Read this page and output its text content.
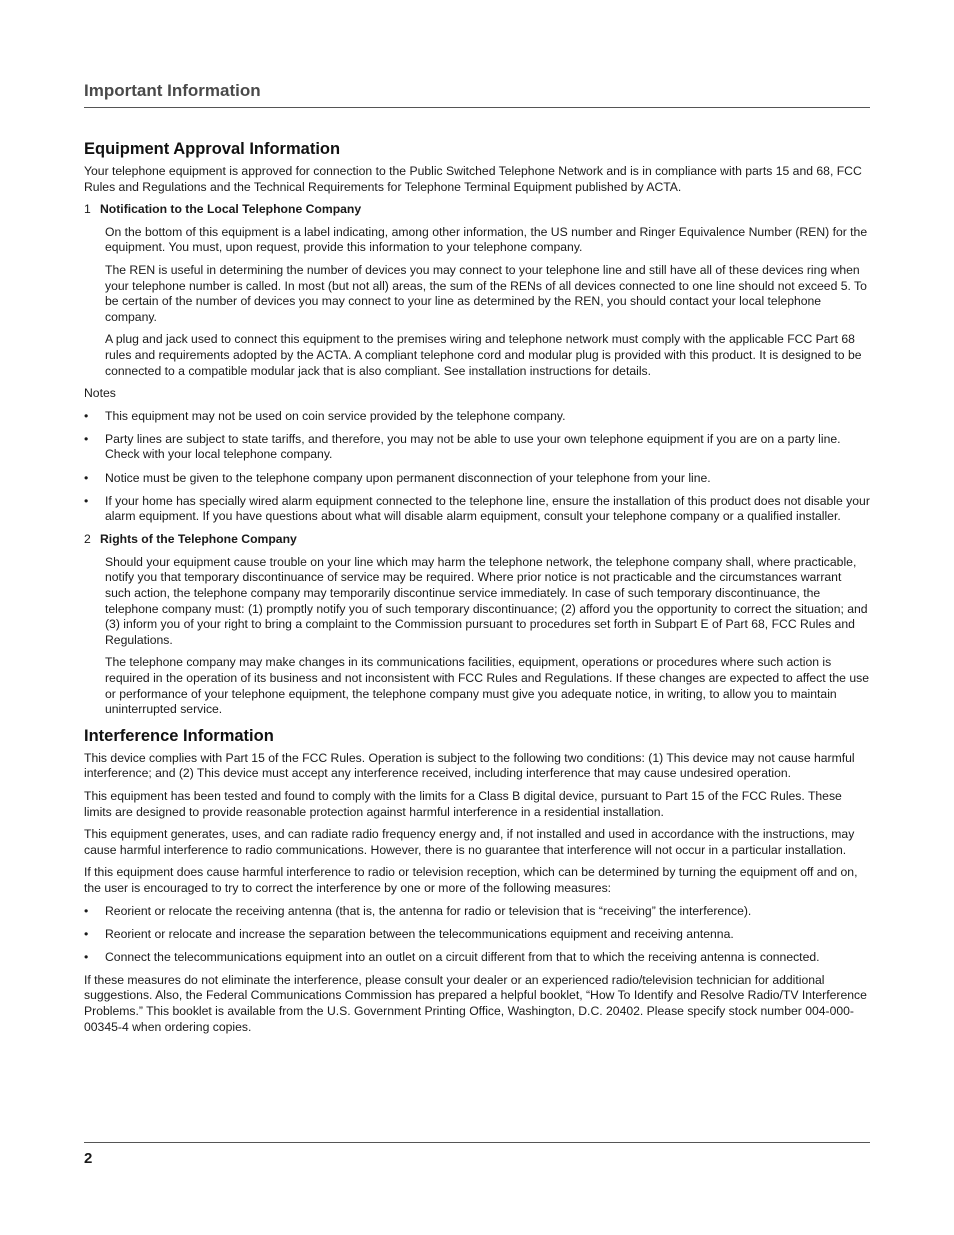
Important Information
Equipment Approval Information

Your telephone equipment is approved for connection to the Public Switched Telephone Network and is in compliance with parts 15 and 68, FCC Rules and Regulations and the Technical Requirements for Telephone Terminal Equipment published by ACTA.

1 Notification to the Local Telephone Company

On the bottom of this equipment is a label indicating, among other information, the US number and Ringer Equivalence Number (REN) for the equipment. You must, upon request, provide this information to your telephone company.

The REN is useful in determining the number of devices you may connect to your telephone line and still have all of these devices ring when your telephone number is called. In most (but not all) areas, the sum of the RENs of all devices connected to one line should not exceed 5. To be certain of the number of devices you may connect to your line as determined by the REN, you should contact your local telephone company.

A plug and jack used to connect this equipment to the premises wiring and telephone network must comply with the applicable FCC Part 68 rules and requirements adopted by the ACTA. A compliant telephone cord and modular plug is provided with this product. It is designed to be connected to a compatible modular jack that is also compliant. See installation instructions for details.

Notes

• This equipment may not be used on coin service provided by the telephone company.
• Party lines are subject to state tariffs, and therefore, you may not be able to use your own telephone equipment if you are on a party line. Check with your local telephone company.
• Notice must be given to the telephone company upon permanent disconnection of your telephone from your line.
• If your home has specially wired alarm equipment connected to the telephone line, ensure the installation of this product does not disable your alarm equipment. If you have questions about what will disable alarm equipment, consult your telephone company or a qualified installer.
2 Rights of the Telephone Company

Should your equipment cause trouble on your line which may harm the telephone network, the telephone company shall, where practicable, notify you that temporary discontinuance of service may be required. Where prior notice is not practicable and the circumstances warrant such action, the telephone company may temporarily discontinue service immediately. In case of such temporary discontinuance, the telephone company must: (1) promptly notify you of such temporary discontinuance; (2) afford you the opportunity to correct the situation; and (3) inform you of your right to bring a complaint to the Commission pursuant to procedures set forth in Subpart E of Part 68, FCC Rules and Regulations.

The telephone company may make changes in its communications facilities, equipment, operations or procedures where such action is required in the operation of its business and not inconsistent with FCC Rules and Regulations. If these changes are expected to affect the use or performance of your telephone equipment, the telephone company must give you adequate notice, in writing, to allow you to maintain uninterrupted service.

Interference Information

This device complies with Part 15 of the FCC Rules. Operation is subject to the following two conditions: (1) This device may not cause harmful interference; and (2) This device must accept any interference received, including interference that may cause undesired operation.

This equipment has been tested and found to comply with the limits for a Class B digital device, pursuant to Part 15 of the FCC Rules. These limits are designed to provide reasonable protection against harmful interference in a residential installation.

This equipment generates, uses, and can radiate radio frequency energy and, if not installed and used in accordance with the instructions, may cause harmful interference to radio communications. However, there is no guarantee that interference will not occur in a particular installation.

If this equipment does cause harmful interference to radio or television reception, which can be determined by turning the equipment off and on, the user is encouraged to try to correct the interference by one or more of the following measures:

• Reorient or relocate the receiving antenna (that is, the antenna for radio or television that is “receiving” the interference).
• Reorient or relocate and increase the separation between the telecommunications equipment and receiving antenna.
• Connect the telecommunications equipment into an outlet on a circuit different from that to which the receiving antenna is connected.

If these measures do not eliminate the interference, please consult your dealer or an experienced radio/television technician for additional suggestions. Also, the Federal Communications Commission has prepared a helpful booklet, “How To Identify and Resolve Radio/TV Interference Problems.” This booklet is available from the U.S. Government Printing Office, Washington, D.C. 20402. Please specify stock number 004-000-00345-4 when ordering copies.

2
